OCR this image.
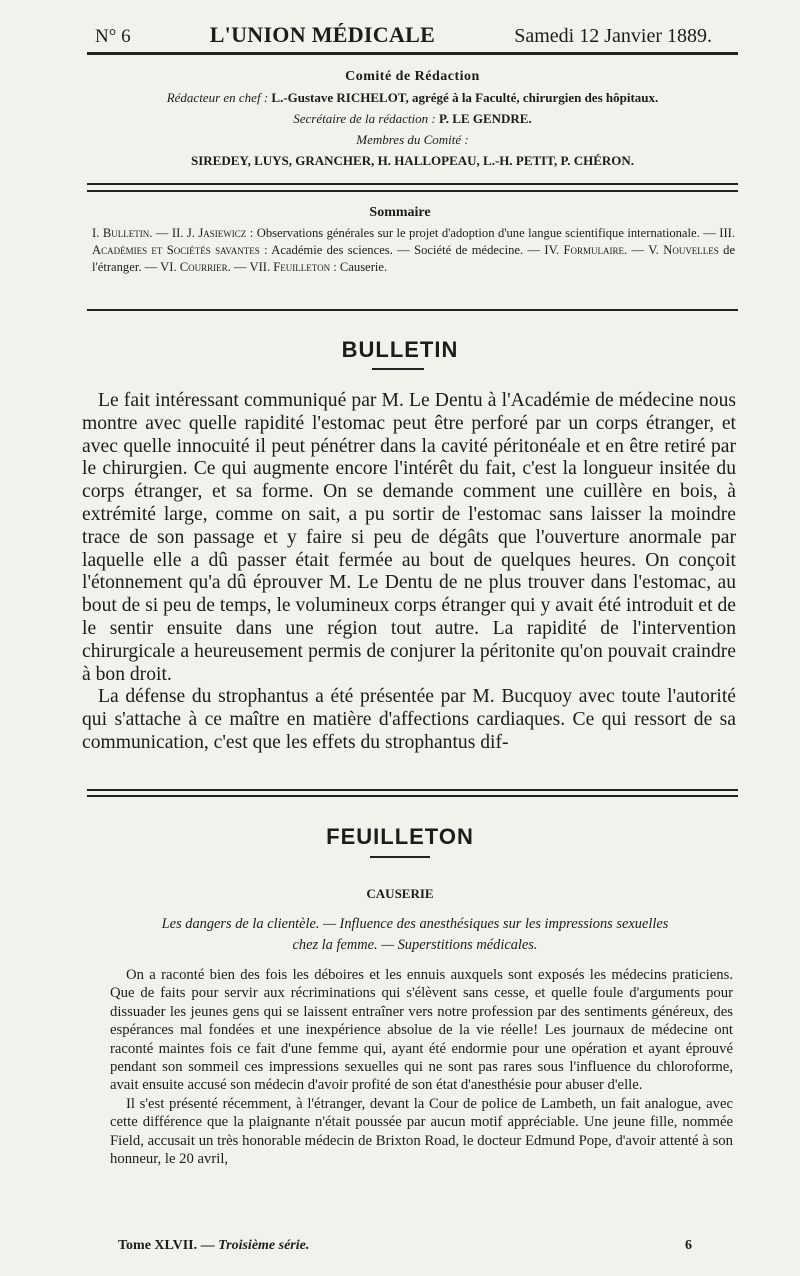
N° 6	L'UNION MÉDICALE	Samedi 12 Janvier 1889.
Comité de Rédaction
Rédacteur en chef : L.-Gustave RICHELOT, agrégé à la Faculté, chirurgien des hôpitaux.
Secrétaire de la rédaction : P. LE GENDRE.
Membres du Comité :
SIREDEY, LUYS, GRANCHER, H. HALLOPEAU, L.-H. PETIT, P. CHÉRON.
Sommaire
I. Bulletin. — II. J. Jasiewicz : Observations générales sur le projet d'adoption d'une langue scientifique internationale. — III. Académies et Sociétés savantes : Académie des sciences. — Société de médecine. — IV. Formulaire. — V. Nouvelles de l'étranger. — VI. Courrier. — VII. Feuilleton : Causerie.
BULLETIN

Le fait intéressant communiqué par M. Le Dentu à l'Académie de médecine nous montre avec quelle rapidité l'estomac peut être perforé par un corps étranger, et avec quelle innocuité il peut pénétrer dans la cavité péritonéale et en être retiré par le chirurgien. Ce qui augmente encore l'intérêt du fait, c'est la longueur insitée du corps étranger, et sa forme. On se demande comment une cuillère en bois, à extrémité large, comme on sait, a pu sortir de l'estomac sans laisser la moindre trace de son passage et y faire si peu de dégâts que l'ouverture anormale par laquelle elle a dû passer était fermée au bout de quelques heures. On conçoit l'étonnement qu'a dû éprouver M. Le Dentu de ne plus trouver dans l'estomac, au bout de si peu de temps, le volumineux corps étranger qui y avait été introduit et de le sentir ensuite dans une région tout autre. La rapidité de l'intervention chirurgicale a heureusement permis de conjurer la péritonite qu'on pouvait craindre à bon droit.

La défense du strophantus a été présentée par M. Bucquoy avec toute l'autorité qui s'attache à ce maître en matière d'affections cardiaques. Ce qui ressort de sa communication, c'est que les effets du strophantus dif-

FEUILLETON
CAUSERIE
Les dangers de la clientèle. — Influence des anesthésiques sur les impressions sexuelles
chez la femme. — Superstitions médicales.

On a raconté bien des fois les déboires et les ennuis auxquels sont exposés les médecins praticiens. Que de faits pour servir aux récriminations qui s'élèvent sans cesse, et quelle foule d'arguments pour dissuader les jeunes gens qui se laissent entraîner vers notre profession par des sentiments généreux, des espérances mal fondées et une inexpérience absolue de la vie réelle! Les journaux de médecine ont raconté maintes fois ce fait d'une femme qui, ayant été endormie pour une opération et ayant éprouvé pendant son sommeil ces impressions sexuelles qui ne sont pas rares sous l'influence du chloroforme, avait ensuite accusé son médecin d'avoir profité de son état d'anesthésie pour abuser d'elle.

Il s'est présenté récemment, à l'étranger, devant la Cour de police de Lambeth, un fait analogue, avec cette différence que la plaignante n'était poussée par aucun motif appréciable. Une jeune fille, nommée Field, accusait un très honorable médecin de Brixton Road, le docteur Edmund Pope, d'avoir attenté à son honneur, le 20 avril,

Tome XLVII. — Troisième série.	6
